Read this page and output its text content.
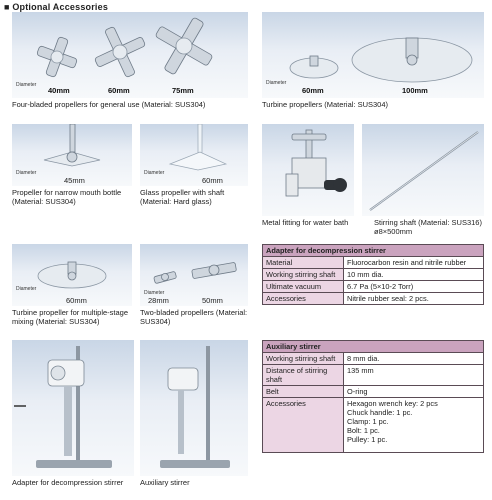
■ Optional Accessories
Diameter
40mm	60mm	75mm
Four-bladed propellers for general use (Material: SUS304)
Diameter
60mm	100mm
Turbine propellers (Material: SUS304)
Diameter
45mm
Propeller for narrow mouth bottle (Material: SUS304)
Diameter
60mm
Glass propeller with shaft (Material: Hard glass)
Metal fitting for water bath	Stirring shaft (Material: SUS316) ø8×500mm
Diameter
60mm
Turbine propeller for multiple-stage mixing (Material: SUS304)
Diameter
28mm	50mm
Two-bladed propellers (Material: SUS304)
Adapter for decompression stirrer	Auxiliary stirrer
Adapter for decompression stirrer	
Material	Fluorocarbon resin and nitrile rubber
Working stirring shaft	10 mm dia.
Ultimate vacuum	6.7 Pa (5×10-2 Torr)
Accessories	Nitrile rubber seal: 2 pcs.
Auxiliary stirrer	
Working stirring shaft	8 mm dia.
Distance of stirring shaft	135 mm
Belt	O-ring
Accessories	Hexagon wrench key: 2 pcs
Chuck handle: 1 pc.
Clamp: 1 pc.
Bolt: 1 pc.
Pulley: 1 pc.
